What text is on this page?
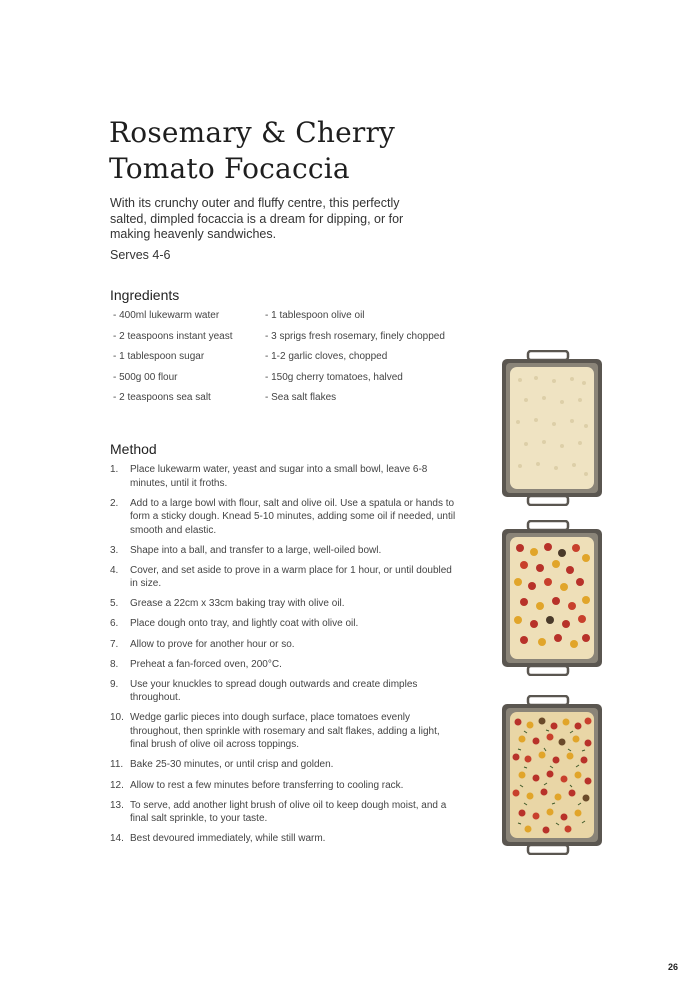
Rosemary & Cherry
Tomato Focaccia

With its crunchy outer and fluffy centre, this perfectly salted, dimpled focaccia is a dream for dipping, or for making heavenly sandwiches.

Serves 4-6
Ingredients
- 400ml lukewarm water
- 2 teaspoons instant yeast
- 1 tablespoon sugar
- 500g 00 flour
- 2 teaspoons sea salt
- 1 tablespoon olive oil
- 3 sprigs fresh rosemary, finely chopped
- 1-2 garlic cloves, chopped
- 150g cherry tomatoes, halved
- Sea salt flakes
Method
1. Place lukewarm water, yeast and sugar into a small bowl, leave 6-8 minutes, until it froths.
2. Add to a large bowl with flour, salt and olive oil. Use a spatula or hands to form a sticky dough. Knead 5-10 minutes, adding some oil if needed, until smooth and elastic.
3. Shape into a ball, and transfer to a large, well-oiled bowl.
4. Cover, and set aside to prove in a warm place for 1 hour, or until doubled in size.
5. Grease a 22cm x 33cm baking tray with olive oil.
6. Place dough onto tray, and lightly coat with olive oil.
7. Allow to prove for another hour or so.
8. Preheat a fan-forced oven, 200°C.
9. Use your knuckles to spread dough outwards and create dimples throughout.
10. Wedge garlic pieces into dough surface, place tomatoes evenly throughout, then sprinkle with rosemary and salt flakes, adding a light, final brush of olive oil across toppings.
11. Bake 25-30 minutes, or until crisp and golden.
12. Allow to rest a few minutes before transferring to cooling rack.
13. To serve, add another light brush of olive oil to keep dough moist, and a final salt sprinkle, to your taste.
14. Best devoured immediately, while still warm.
26
